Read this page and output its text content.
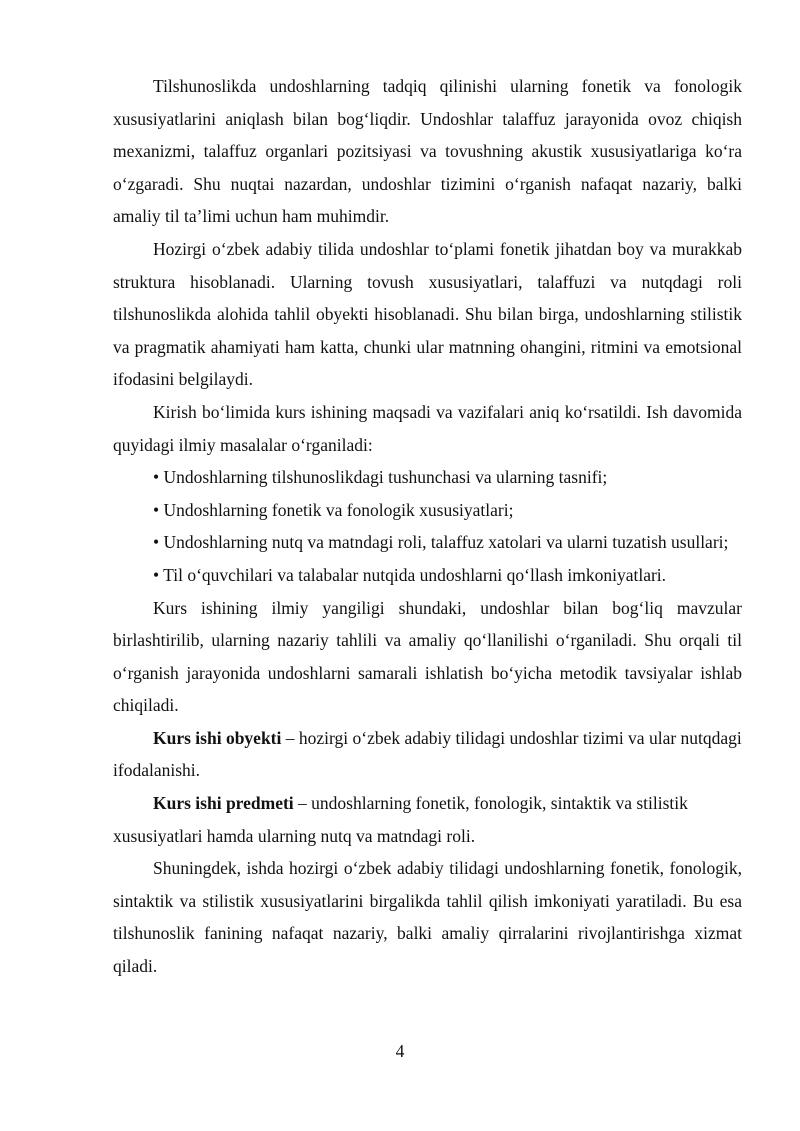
Tilshunoslikda undoshlarning tadqiq qilinishi ularning fonetik va fonologik xususiyatlarini aniqlash bilan bog‘liqdir. Undoshlar talaffuz jarayonida ovoz chiqish mexanizmi, talaffuz organlari pozitsiyasi va tovushning akustik xususiyatlariga ko‘ra o‘zgaradi. Shu nuqtai nazardan, undoshlar tizimini o‘rganish nafaqat nazariy, balki amaliy til ta’limi uchun ham muhimdir.

Hozirgi o‘zbek adabiy tilida undoshlar to‘plami fonetik jihatdan boy va murakkab struktura hisoblanadi. Ularning tovush xususiyatlari, talaffuzi va nutqdagi roli tilshunoslikda alohida tahlil obyekti hisoblanadi. Shu bilan birga, undoshlarning stilistik va pragmatik ahamiyati ham katta, chunki ular matnning ohangini, ritmini va emotsional ifodasini belgilaydi.

Kirish bo‘limida kurs ishining maqsadi va vazifalari aniq ko‘rsatildi. Ish davomida quyidagi ilmiy masalalar o‘rganiladi:

• Undoshlarning tilshunoslikdagi tushunchasi va ularning tasnifi;

• Undoshlarning fonetik va fonologik xususiyatlari;

• Undoshlarning nutq va matndagi roli, talaffuz xatolari va ularni tuzatish usullari;

• Til o‘quvchilari va talabalar nutqida undoshlarni qo‘llash imkoniyatlari.

Kurs ishining ilmiy yangiligi shundaki, undoshlar bilan bog‘liq mavzular birlashtirilib, ularning nazariy tahlili va amaliy qo‘llanilishi o‘rganiladi. Shu orqali til o‘rganish jarayonida undoshlarni samarali ishlatish bo‘yicha metodik tavsiyalar ishlab chiqiladi.

Kurs ishi obyekti – hozirgi o‘zbek adabiy tilidagi undoshlar tizimi va ular nutqdagi ifodalanishi.

Kurs ishi predmeti – undoshlarning fonetik, fonologik, sintaktik va stilistik xususiyatlari hamda ularning nutq va matndagi roli.

Shuningdek, ishda hozirgi o‘zbek adabiy tilidagi undoshlarning fonetik, fonologik, sintaktik va stilistik xususiyatlarini birgalikda tahlil qilish imkoniyati yaratiladi. Bu esa tilshunoslik fanining nafaqat nazariy, balki amaliy qirralarini rivojlantirishga xizmat qiladi.

4
